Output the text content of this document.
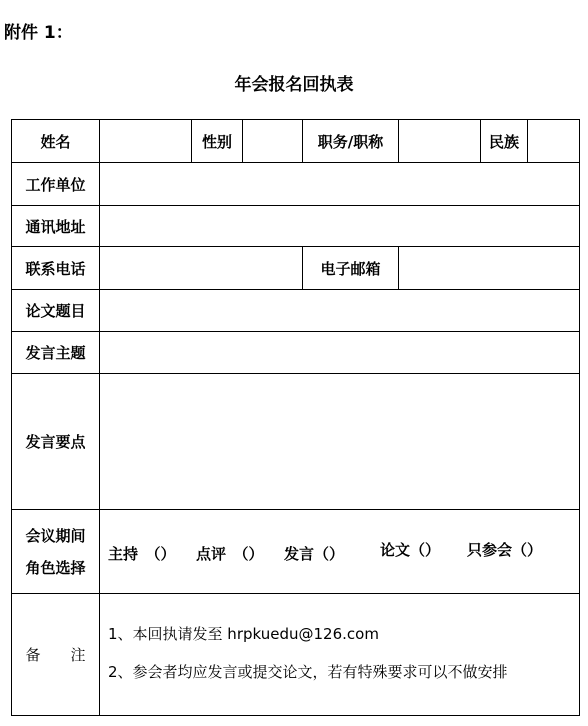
附件 1：
年会报名回执表
姓名	性别	职务/职称	民族
工作单位
通讯地址
联系电话	电子邮箱
论文题目
发言主题
发言要点
会议期间
角色选择
主持　（） 点评　（） 发言（） 论文（） 只参会（）
备　　注
1、本回执请发至 hrpkuedu@126.com
2、参会者均应发言或提交论文，若有特殊要求可以不做安排
